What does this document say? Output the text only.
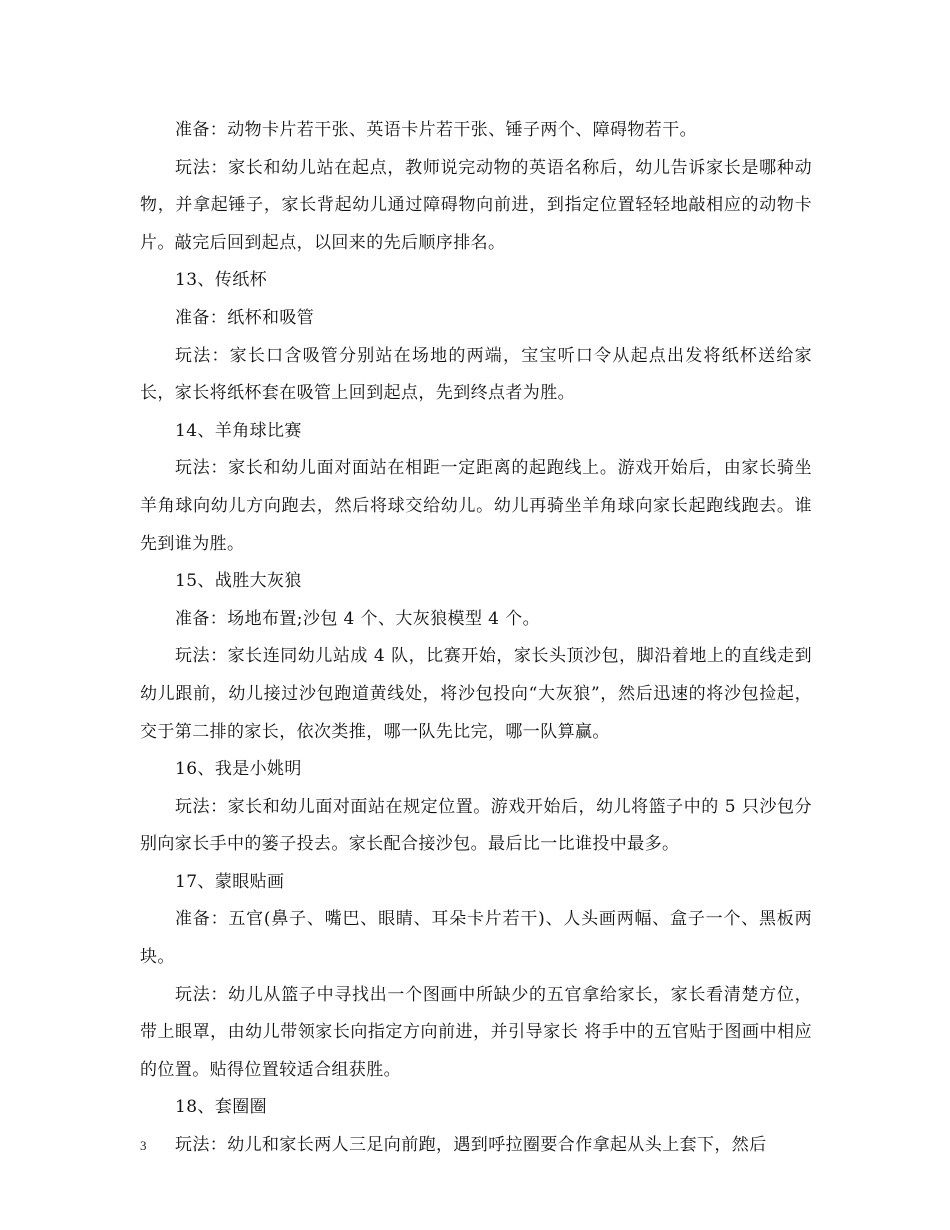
准备：动物卡片若干张、英语卡片若干张、锤子两个、障碍物若干。

玩法：家长和幼儿站在起点，教师说完动物的英语名称后，幼儿告诉家长是哪种动物，并拿起锤子，家长背起幼儿通过障碍物向前进，到指定位置轻轻地敲相应的动物卡片。敲完后回到起点，以回来的先后顺序排名。

13、传纸杯

准备：纸杯和吸管

玩法：家长口含吸管分别站在场地的两端，宝宝听口令从起点出发将纸杯送给家长，家长将纸杯套在吸管上回到起点，先到终点者为胜。

14、羊角球比赛

玩法：家长和幼儿面对面站在相距一定距离的起跑线上。游戏开始后，由家长骑坐羊角球向幼儿方向跑去，然后将球交给幼儿。幼儿再骑坐羊角球向家长起跑线跑去。谁先到谁为胜。

15、战胜大灰狼

准备：场地布置;沙包 4 个、大灰狼模型 4 个。

玩法：家长连同幼儿站成 4 队，比赛开始，家长头顶沙包，脚沿着地上的直线走到幼儿跟前，幼儿接过沙包跑道黄线处，将沙包投向“大灰狼”，然后迅速的将沙包捡起，交于第二排的家长，依次类推，哪一队先比完，哪一队算赢。

16、我是小姚明

玩法：家长和幼儿面对面站在规定位置。游戏开始后，幼儿将篮子中的 5 只沙包分别向家长手中的篓子投去。家长配合接沙包。最后比一比谁投中最多。

17、蒙眼贴画

准备：五官(鼻子、嘴巴、眼睛、耳朵卡片若干)、人头画两幅、盒子一个、黑板两块。

玩法：幼儿从篮子中寻找出一个图画中所缺少的五官拿给家长，家长看清楚方位，带上眼罩，由幼儿带领家长向指定方向前进，并引导家长 将手中的五官贴于图画中相应的位置。贴得位置较适合组获胜。

18、套圈圈

玩法：幼儿和家长两人三足向前跑，遇到呼拉圈要合作拿起从头上套下，然后

3
